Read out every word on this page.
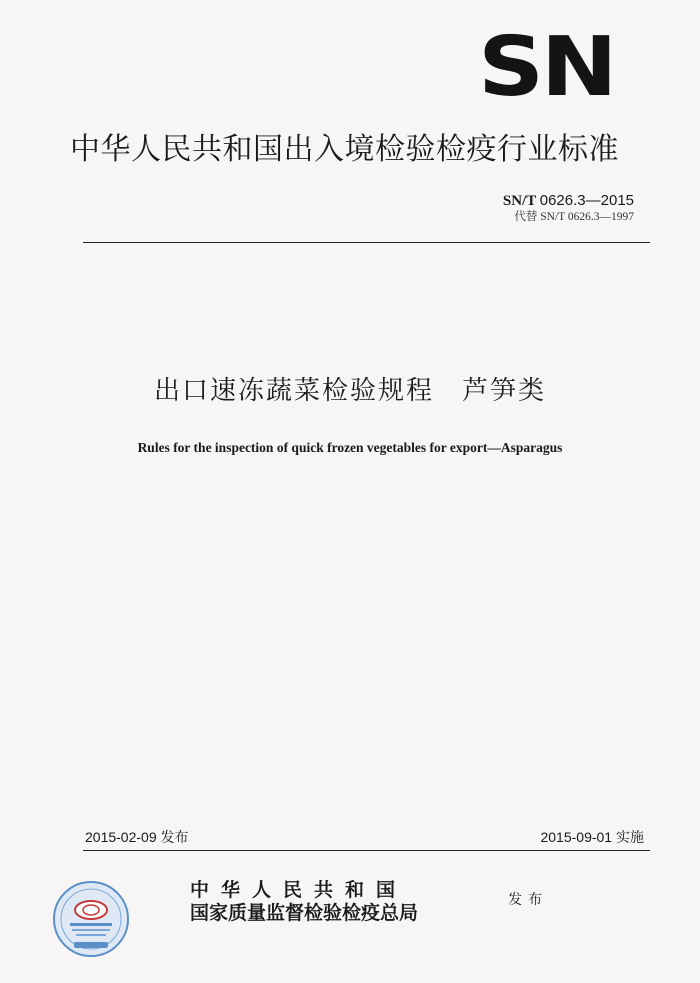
SN
中华人民共和国出入境检验检疫行业标准
SN/T 0626.3—2015
代替 SN/T 0626.3—1997
出口速冻蔬菜检验规程　芦笋类
Rules for the inspection of quick frozen vegetables for export—Asparagus
2015-02-09 发布	2015-09-01 实施
中华人民共和国
国家质量监督检验检疫总局
发布
